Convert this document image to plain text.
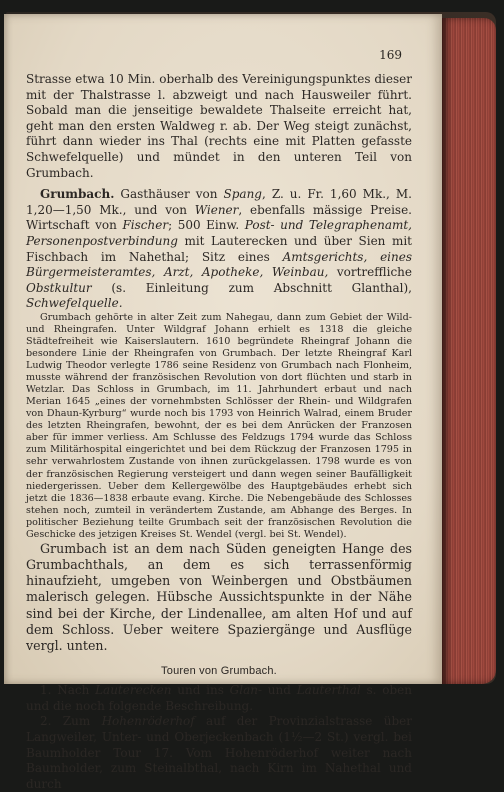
169

Strasse etwa 10 Min. oberhalb des Vereinigungspunktes dieser mit der Thalstrasse l. abzweigt und nach Hausweiler führt. Sobald man die jenseitige bewaldete Thalseite erreicht hat, geht man den ersten Waldweg r. ab. Der Weg steigt zunächst, führt dann wieder ins Thal (rechts eine mit Platten gefasste Schwefelquelle) und mündet in den unteren Teil von Grumbach.

Grumbach. Gasthäuser von Spang, Z. u. Fr. 1,60 Mk., M. 1,20—1,50 Mk., und von Wiener, ebenfalls mässige Preise. Wirtschaft von Fischer; 500 Einw. Post- und Telegraphenamt, Personenpostverbindung mit Lauterecken und über Sien mit Fischbach im Nahethal; Sitz eines Amtsgerichts, eines Bürgermeisteramtes, Arzt, Apotheke, Weinbau, vortreffliche Obstkultur (s. Einleitung zum Abschnitt Glanthal), Schwefelquelle.

Grumbach gehörte in alter Zeit zum Nahegau, dann zum Gebiet der Wild- und Rheingrafen. Unter Wildgraf Johann erhielt es 1318 die gleiche Städtefreiheit wie Kaiserslautern. 1610 begründete Rheingraf Johann die besondere Linie der Rheingrafen von Grumbach. Der letzte Rheingraf Karl Ludwig Theodor verlegte 1786 seine Residenz von Grumbach nach Flonheim, musste während der französischen Revolution von dort flüchten und starb in Wetzlar. Das Schloss in Grumbach, im 11. Jahrhundert erbaut und nach Merian 1645 „eines der vornehmbsten Schlösser der Rhein- und Wildgrafen von Dhaun-Kyrburg“ wurde noch bis 1793 von Heinrich Walrad, einem Bruder des letzten Rheingrafen, bewohnt, der es bei dem Anrücken der Franzosen aber für immer verliess. Am Schlusse des Feldzugs 1794 wurde das Schloss zum Militärhospital eingerichtet und bei dem Rückzug der Franzosen 1795 in sehr verwahrlostem Zustande von ihnen zurückgelassen. 1798 wurde es von der französischen Regierung versteigert und dann wegen seiner Baufälligkeit niedergerissen. Ueber dem Kellergewölbe des Hauptgebäudes erhebt sich jetzt die 1836—1838 erbaute evang. Kirche. Die Nebengebäude des Schlosses stehen noch, zumteil in verändertem Zustande, am Abhange des Berges. In politischer Beziehung teilte Grumbach seit der französischen Revolution die Geschicke des jetzigen Kreises St. Wendel (vergl. bei St. Wendel).

Grumbach ist an dem nach Süden geneigten Hange des Grumbachthals, an dem es sich terrassenförmig hinaufzieht, umgeben von Weinbergen und Obstbäumen malerisch gelegen. Hübsche Aussichtspunkte in der Nähe sind bei der Kirche, der Lindenallee, am alten Hof und auf dem Schloss. Ueber weitere Spaziergänge und Ausflüge vergl. unten.

Touren von Grumbach.

1. Nach Lauterecken und ins Glan- und Lauterthal s. oben und die noch folgende Beschreibung.

2. Zum Hohenröderhof auf der Provinzialstrasse über Langweiler, Unter- und Oberjeckenbach (1½—2 St.) vergl. bei Baumholder Tour 17. Vom Hohenröderhof weiter nach Baumholder, zum Steinalbthal, nach Kirn im Nahethal und durch
